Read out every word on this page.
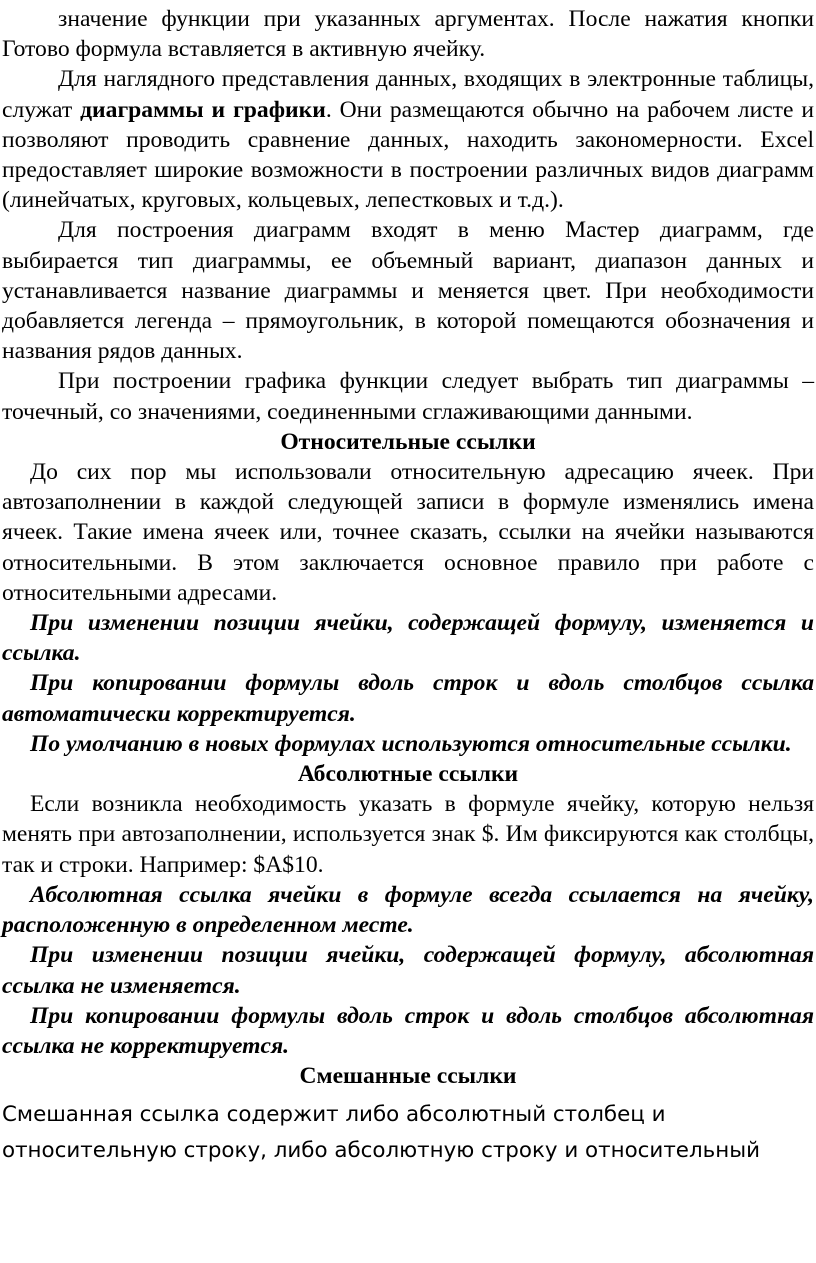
значение функции при указанных аргументах. После нажатия кнопки Готово формула вставляется в активную ячейку.

Для наглядного представления данных, входящих в электронные таблицы, служат диаграммы и графики. Они размещаются обычно на рабочем листе и позволяют проводить сравнение данных, находить закономерности. Excel предоставляет широкие возможности в построении различных видов диаграмм (линейчатых, круговых, кольцевых, лепестковых и т.д.).

Для построения диаграмм входят в меню Мастер диаграмм, где выбирается тип диаграммы, ее объемный вариант, диапазон данных и устанавливается название диаграммы и меняется цвет. При необходимости добавляется легенда – прямоугольник, в которой помещаются обозначения и названия рядов данных.

При построении графика функции следует выбрать тип диаграммы – точечный, со значениями, соединенными сглаживающими данными.

Относительные ссылки

До сих пор мы использовали относительную адресацию ячеек. При автозаполнении в каждой следующей записи в формуле изменялись имена ячеек. Такие имена ячеек или, точнее сказать, ссылки на ячейки называются относительными. В этом заключается основное правило при работе с относительными адресами.

При изменении позиции ячейки, содержащей формулу, изменяется и ссылка.

При копировании формулы вдоль строк и вдоль столбцов ссылка автоматически корректируется.

По умолчанию в новых формулах используются относительные ссылки.

Абсолютные ссылки

Если возникла необходимость указать в формуле ячейку, которую нельзя менять при автозаполнении, используется знак $. Им фиксируются как столбцы, так и строки. Например: $A$10.

Абсолютная ссылка ячейки в формуле всегда ссылается на ячейку, расположенную в определенном месте.

При изменении позиции ячейки, содержащей формулу, абсолютная ссылка не изменяется.

При копировании формулы вдоль строк и вдоль столбцов абсолютная ссылка не корректируется.

Смешанные ссылки

Смешанная ссылка содержит либо абсолютный столбец и относительную строку, либо абсолютную строку и относительный
